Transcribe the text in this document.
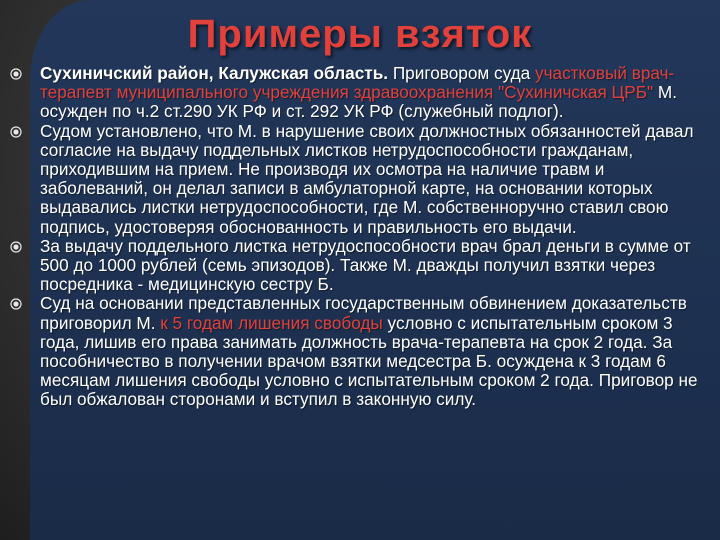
Примеры взяток
Сухиничский район, Калужская область. Приговором суда участковый врач-терапевт муниципального учреждения здравоохранения "Сухиничская ЦРБ" М. осужден по ч.2 ст.290 УК РФ и ст. 292 УК РФ (служебный подлог).
Судом установлено, что М. в нарушение своих должностных обязанностей давал согласие на выдачу поддельных листков нетрудоспособности гражданам, приходившим на прием. Не производя их осмотра на наличие травм и заболеваний, он делал записи в амбулаторной карте, на основании которых выдавались листки нетрудоспособности, где М. собственноручно ставил свою подпись, удостоверяя обоснованность и правильность его выдачи.
За выдачу поддельного листка нетрудоспособности врач брал деньги в сумме от 500 до 1000 рублей (семь эпизодов). Также М. дважды получил взятки через посредника - медицинскую сестру Б.
Суд на основании представленных государственным обвинением доказательств приговорил М. к 5 годам лишения свободы условно с испытательным сроком 3 года, лишив его права занимать должность врача-терапевта на срок 2 года. За пособничество в получении врачом взятки медсестра Б. осуждена к 3 годам 6 месяцам лишения свободы условно с испытательным сроком 2 года. Приговор не был обжалован сторонами и вступил в законную силу.
